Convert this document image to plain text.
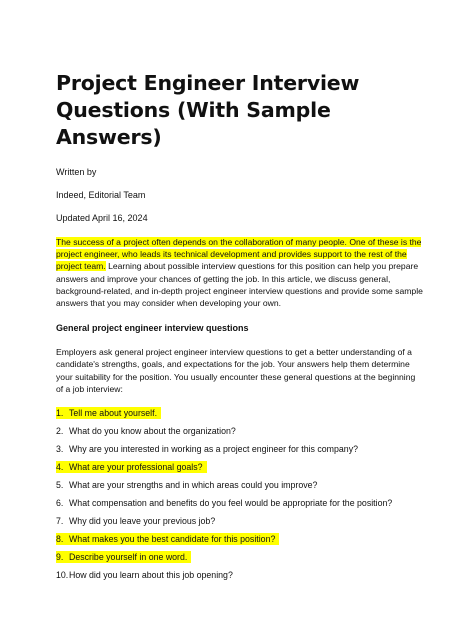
Project Engineer Interview Questions (With Sample Answers)

Written by

Indeed, Editorial Team

Updated April 16, 2024

The success of a project often depends on the collaboration of many people. One of these is the project engineer, who leads its technical development and provides support to the rest of the project team. Learning about possible interview questions for this position can help you prepare answers and improve your chances of getting the job. In this article, we discuss general, background-related, and in-depth project engineer interview questions and provide some sample answers that you may consider when developing your own.

General project engineer interview questions

Employers ask general project engineer interview questions to get a better understanding of a candidate's strengths, goals, and expectations for the job. Your answers help them determine your suitability for the position. You usually encounter these general questions at the beginning of a job interview:

1. Tell me about yourself.
2. What do you know about the organization?
3. Why are you interested in working as a project engineer for this company?
4. What are your professional goals?
5. What are your strengths and in which areas could you improve?
6. What compensation and benefits do you feel would be appropriate for the position?
7. Why did you leave your previous job?
8. What makes you the best candidate for this position?
9. Describe yourself in one word.
10. How did you learn about this job opening?
